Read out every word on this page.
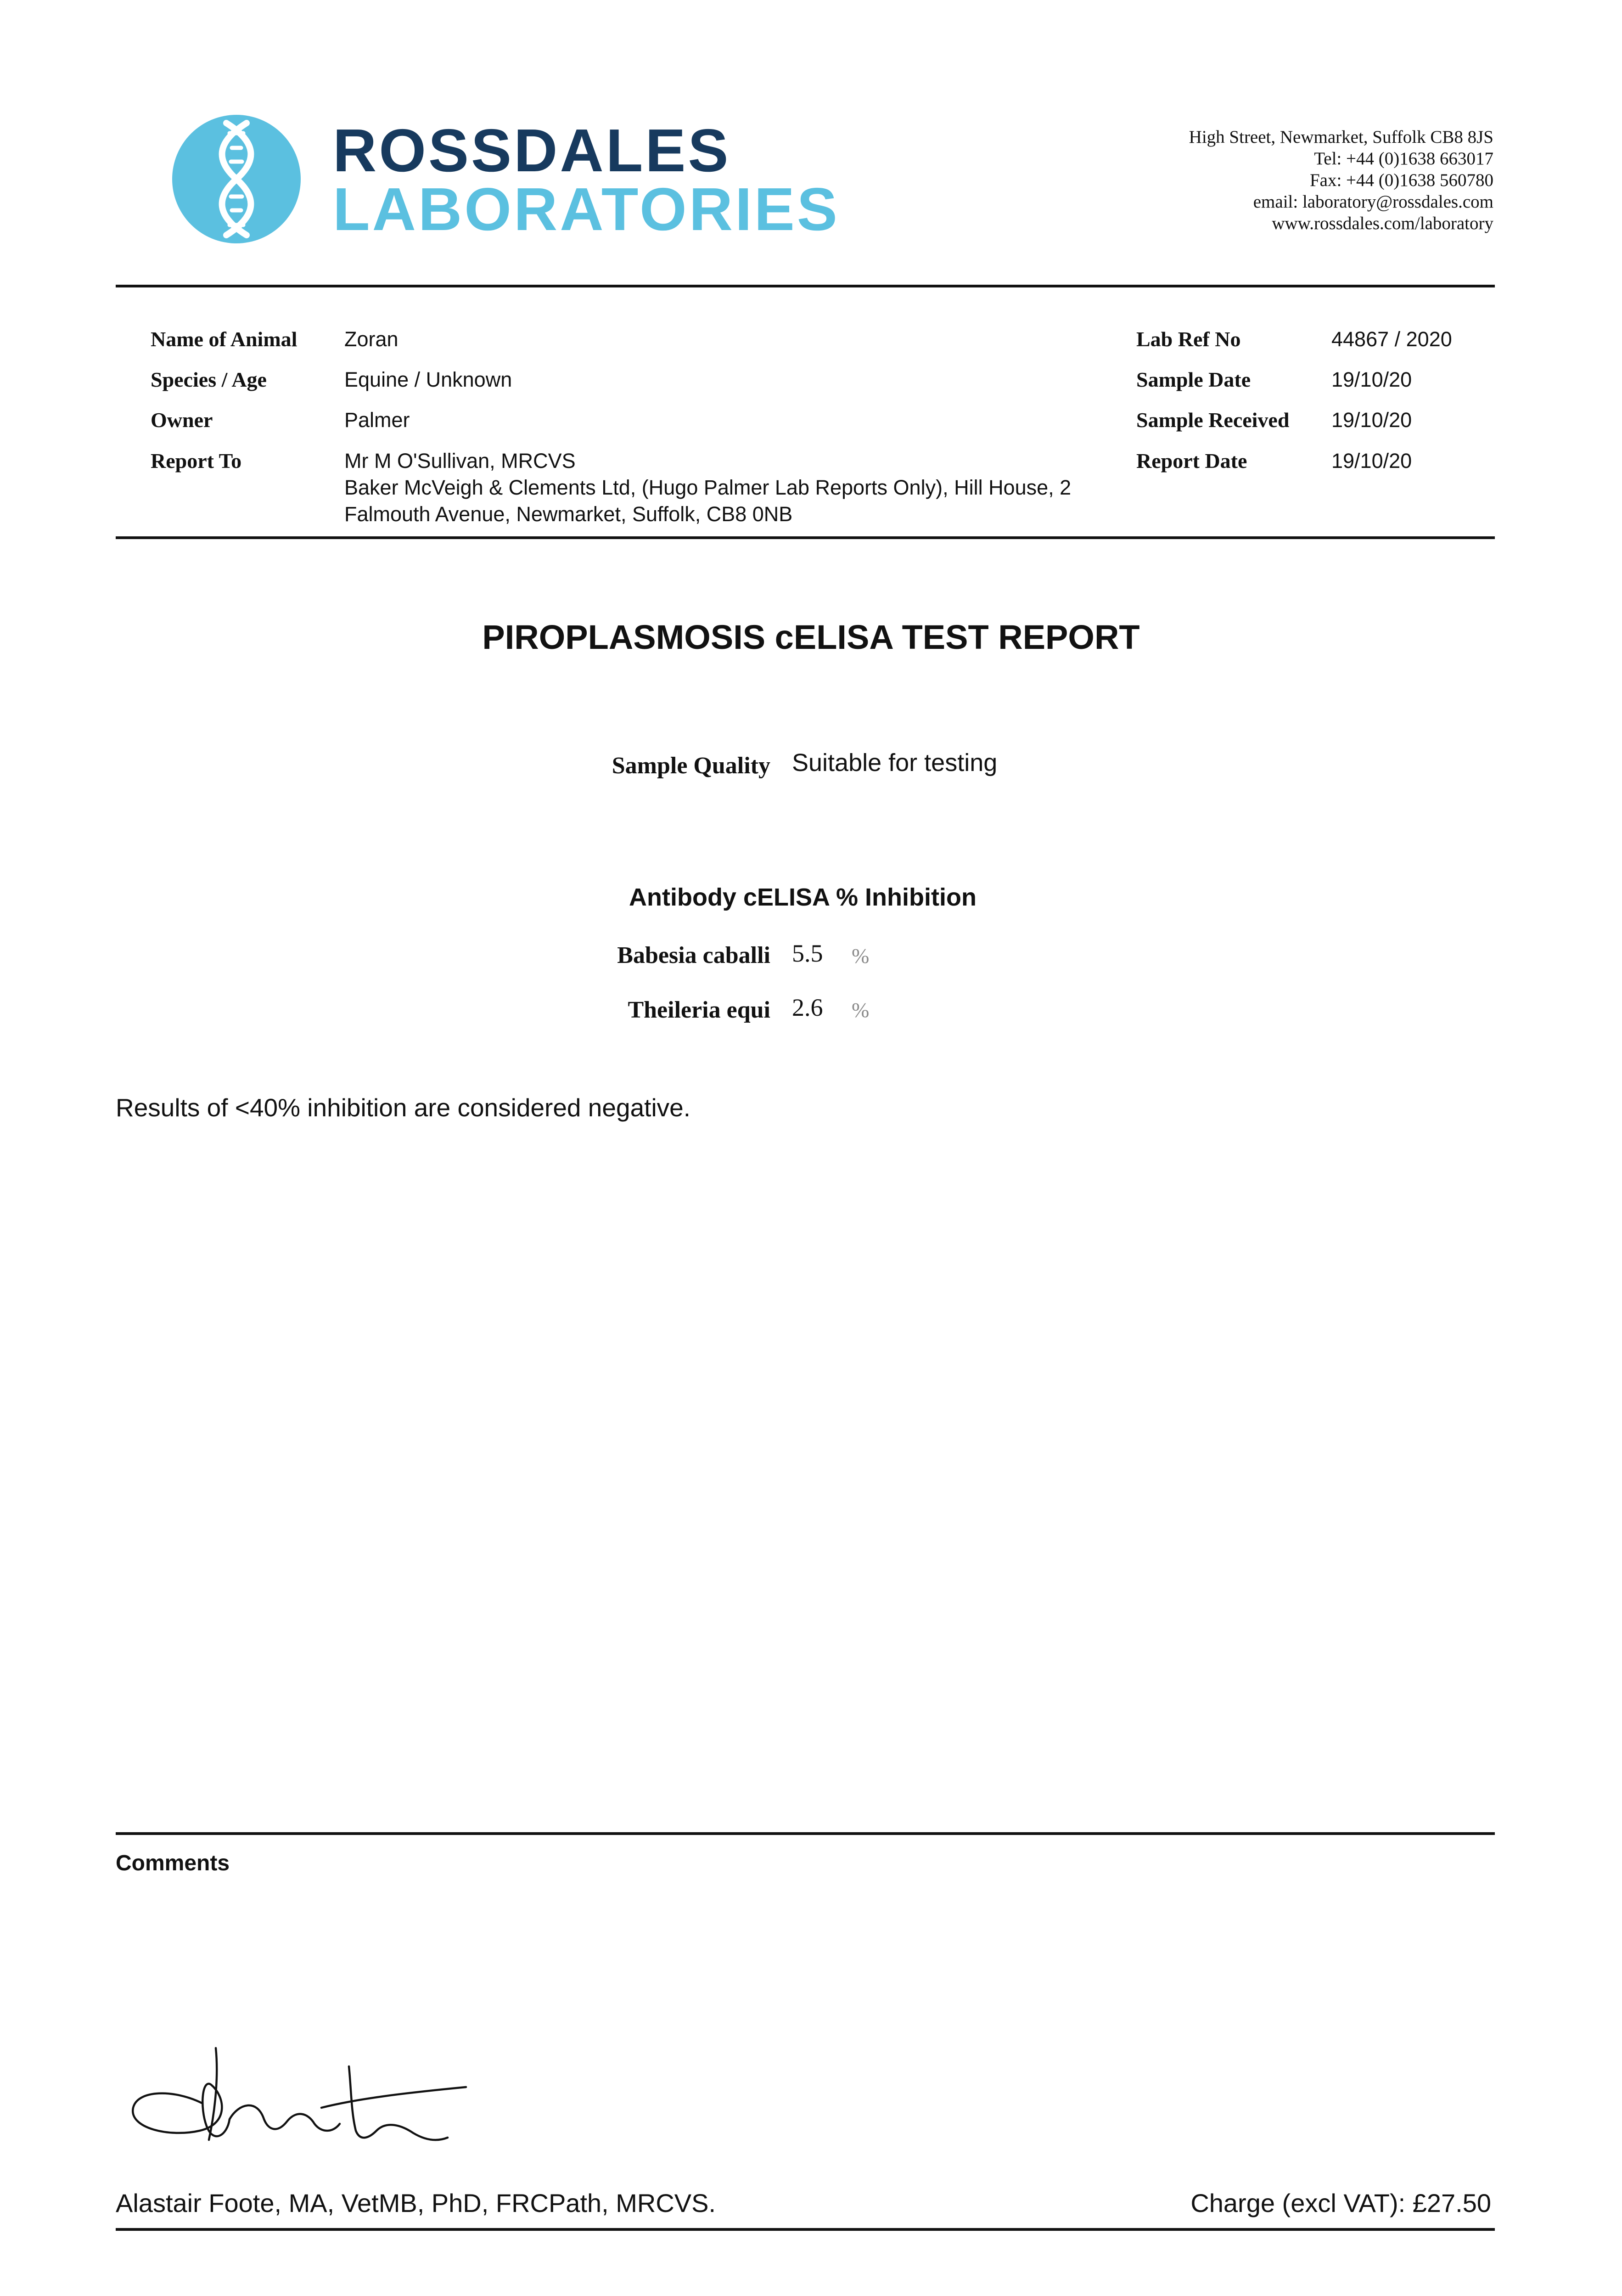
ROSSDALES
LABORATORIES
High Street, Newmarket, Suffolk CB8 8JS
Tel: +44 (0)1638 663017
Fax: +44 (0)1638 560780
email: laboratory@rossdales.com
www.rossdales.com/laboratory
Name of Animal Zoran
Species / Age	Equine / Unknown
Owner	Palmer
Report To	Mr M O'Sullivan, MRCVS
Baker McVeigh & Clements Ltd, (Hugo Palmer Lab Reports Only), Hill House, 2
Falmouth Avenue, Newmarket, Suffolk, CB8 0NB
Lab Ref No	44867 / 2020
Sample Date	19/10/20
Sample Received 19/10/20
Report Date	19/10/20
PIROPLASMOSIS cELISA TEST REPORT
Sample Quality Suitable for testing
Antibody cELISA % Inhibition
Babesia caballi 5.5 %
Theileria equi 2.6 %
Results of <40% inhibition are considered negative.
Comments
Alastair Foote, MA, VetMB, PhD, FRCPath, MRCVS.	Charge (excl VAT): £27.50
